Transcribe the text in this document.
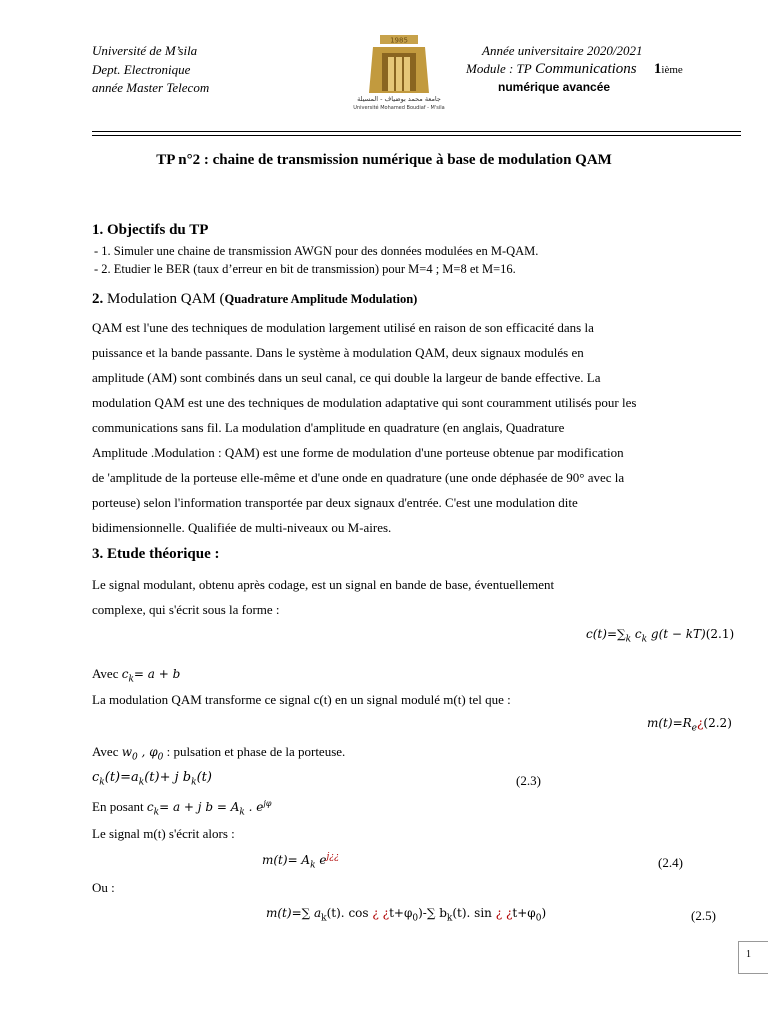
Université de M’sila
Dept. Electronique
année Master Telecom
Année universitaire 2020/2021
Module : TP Communications 1ième
numérique avancée
1985
جامعة محمد بوضياف - المسيلة
Université Mohamed Boudiaf - M'sila
TP n°2 : chaine de transmission numérique à base de modulation QAM
1. Objectifs du TP
- 1. Simuler une chaine de transmission AWGN pour des données modulées en M-QAM.
- 2. Etudier le BER (taux d’erreur en bit de transmission) pour M=4 ; M=8 et M=16.
2. Modulation QAM (Quadrature Amplitude Modulation)
QAM est l'une des techniques de modulation largement utilisé en raison de son efficacité dans la
puissance et la bande passante. Dans le système à modulation QAM, deux signaux modulés en
amplitude (AM) sont combinés dans un seul canal, ce qui double la largeur de bande effective. La
modulation QAM est une des techniques de modulation adaptative qui sont couramment utilisés pour les
communications sans fil. La modulation d'amplitude en quadrature (en anglais, Quadrature
Amplitude .Modulation : QAM) est une forme de modulation d'une porteuse obtenue par modification
de 'amplitude de la porteuse elle-même et d'une onde en quadrature (une onde déphasée de 90° avec la
porteuse) selon l'information transportée par deux signaux d'entrée. C'est une modulation dite
bidimensionnelle. Qualifiée de multi-niveaux ou M-aires.
3. Etude théorique :
Le signal modulant, obtenu après codage, est un signal en bande de base, éventuellement
complexe, qui s'écrit sous la forme :
$c(t)=\sum_k$ $c_k$ g(t − kT)(2.1)
Avec $c_k= a + b$
La modulation QAM transforme ce signal c(t) en un signal modulé m(t) tel que :
$m(t)=R_e¿(2.2)$
Avec $w_0$ , $\varphi_0$ : pulsation et phase de la porteuse.
$c_k(t)=a_k(t)+ j$ $b_k(t)$	(2.3)
En posant $c_k= a + j$ $b = A_k$ . $e^{j\varphi}$
Le signal m(t) s'écrit alors :
$m(t)= A_k$ $e^{j¿¿}$	(2.4)
Ou :
m(t)=∑ $a_k(t)$. cos ¿ ¿$t+\varphi_0)-\sum$ $b_k(t)$. sin ¿ ¿$t+\varphi_0$)	(2.5)
1
